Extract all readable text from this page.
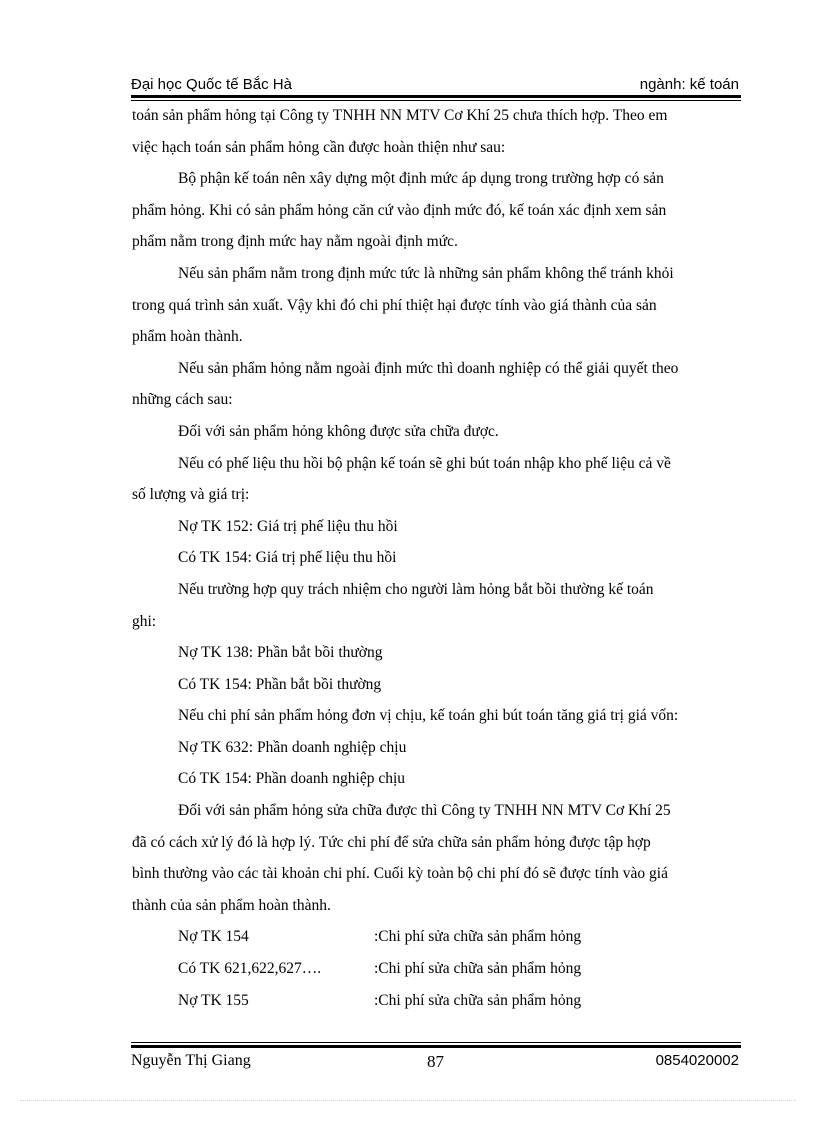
Đại học Quốc tế Bắc Hà	ngành: kế toán
toán sản phẩm hỏng tại Công ty TNHH NN MTV Cơ Khí 25 chưa thích hợp. Theo em
việc hạch toán sản phẩm hỏng cần được hoàn thiện như sau:
Bộ phận kế toán nên xây dựng một định mức áp dụng trong trường hợp có sản
phẩm hỏng. Khi có sản phẩm hỏng căn cứ vào định mức đó, kế toán xác định xem sản
phẩm nằm trong định mức hay nằm ngoài định mức.
Nếu sản phẩm nằm trong định mức tức là những sản phẩm không thể tránh khỏi
trong quá trình sản xuất. Vậy khi đó chi phí thiệt hại được tính vào giá thành của sản
phẩm hoàn thành.
Nếu sản phẩm hỏng nằm ngoài định mức thì doanh nghiệp có thể giải quyết theo
những cách sau:
Đối với sản phẩm hỏng không được sửa chữa được.
Nếu có phế liệu thu hồi bộ phận kế toán sẽ ghi bút toán nhập kho phế liệu cả về
số lượng và giá trị:
Nợ TK 152: Giá trị phế liệu thu hồi
Có TK 154: Giá trị phế liệu thu hồi
Nếu trường hợp quy trách nhiệm cho người làm hỏng bắt bồi thường kế toán
ghi:
Nợ TK 138: Phần bắt bồi thường
Có TK 154: Phần bắt bồi thường
Nếu chi phí sản phẩm hỏng đơn vị chịu, kế toán ghi bút toán tăng giá trị giá vốn:
Nợ TK 632: Phần doanh nghiệp chịu
Có TK 154: Phần doanh nghiệp chịu
Đối với sản phẩm hỏng sửa chữa được thì Công ty TNHH NN MTV Cơ Khí 25
đã có cách xử lý đó là hợp lý. Tức chi phí để sửa chữa sản phẩm hỏng được tập hợp
bình thường vào các tài khoản chi phí. Cuối kỳ toàn bộ chi phí đó sẽ được tính vào giá
thành của sản phẩm hoàn thành.
Nợ TK 154	:Chi phí sửa chữa sản phẩm hỏng
Có TK 621,622,627….	:Chi phí sửa chữa sản phẩm hỏng
Nợ TK 155	:Chi phí sửa chữa sản phẩm hỏng
Nguyễn Thị Giang	87	0854020002
